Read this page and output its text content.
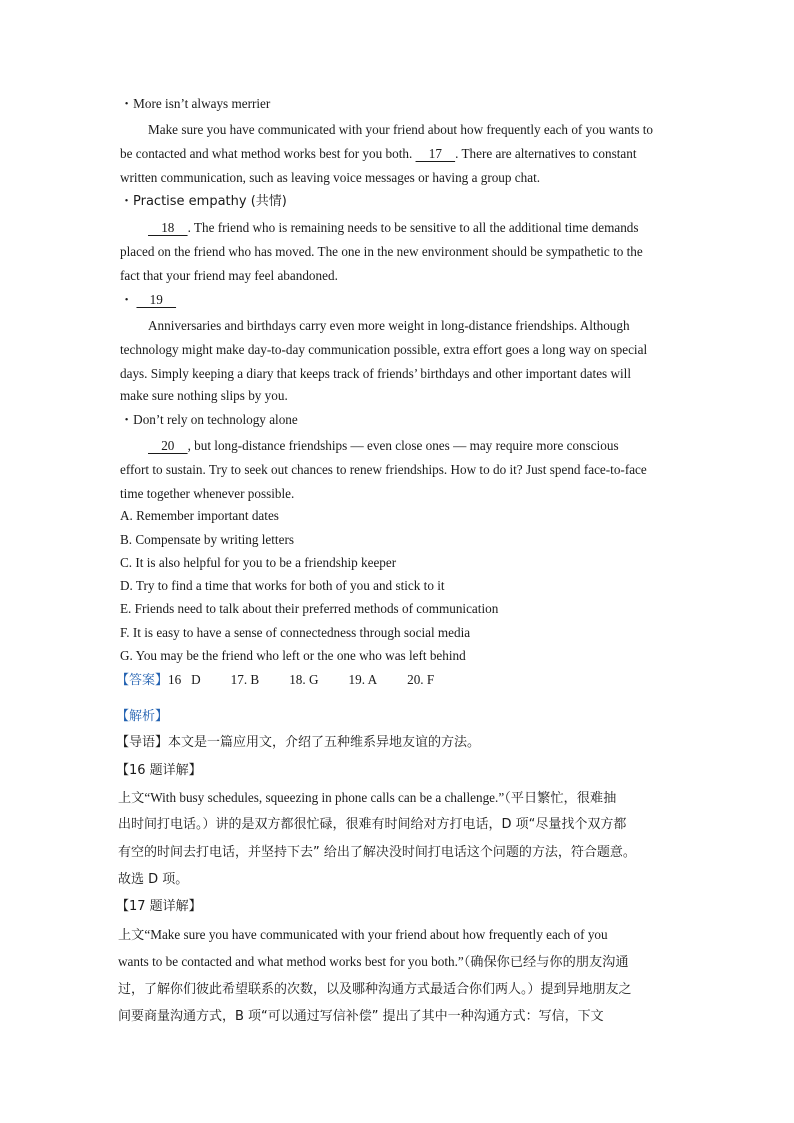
・More isn’t always merrier
Make sure you have communicated with your friend about how frequently each of you wants to
be contacted and what method works best for you both.     17    . There are alternatives to constant
written communication, such as leaving voice messages or having a group chat.
・Practise empathy (共情)
18    . The friend who is remaining needs to be sensitive to all the additional time demands
placed on the friend who has moved. The one in the new environment should be sympathetic to the
fact that your friend may feel abandoned.
・     19
Anniversaries and birthdays carry even more weight in long-distance friendships. Although
technology might make day-to-day communication possible, extra effort goes a long way on special
days. Simply keeping a diary that keeps track of friends’ birthdays and other important dates will
make sure nothing slips by you.
・Don’t rely on technology alone
20    , but long-distance friendships — even close ones — may require more conscious
effort to sustain. Try to seek out chances to renew friendships. How to do it? Just spend face-to-face
time together whenever possible.
A. Remember important dates
B. Compensate by writing letters
C. It is also helpful for you to be a friendship keeper
D. Try to find a time that works for both of you and stick to it
E. Friends need to talk about their preferred methods of communication
F. It is easy to have a sense of connectedness through social media
G. You may be the friend who left or the one who was left behind
【答案】16   D 17. B 18. G 19. A 20. F
【解析】
【导语】本文是一篇应用文，介绍了五种维系异地友谊的方法。
【16 题详解】
上文“With busy schedules, squeezing in phone calls can be a challenge.”（平日繁忙，很难抽
出时间打电话。）讲的是双方都很忙碌，很难有时间给对方打电话，D 项“尽量找个双方都
有空的时间去打电话，并坚持下去” 给出了解决没时间打电话这个问题的方法，符合题意。
故选 D 项。
【17 题详解】
上文“Make sure you have communicated with your friend about how frequently each of you
wants to be contacted and what method works best for you both.”（确保你已经与你的朋友沟通
过，了解你们彼此希望联系的次数，以及哪种沟通方式最适合你们两人。）提到异地朋友之
间要商量沟通方式，B 项“可以通过写信补偿” 提出了其中一种沟通方式：写信，下文
